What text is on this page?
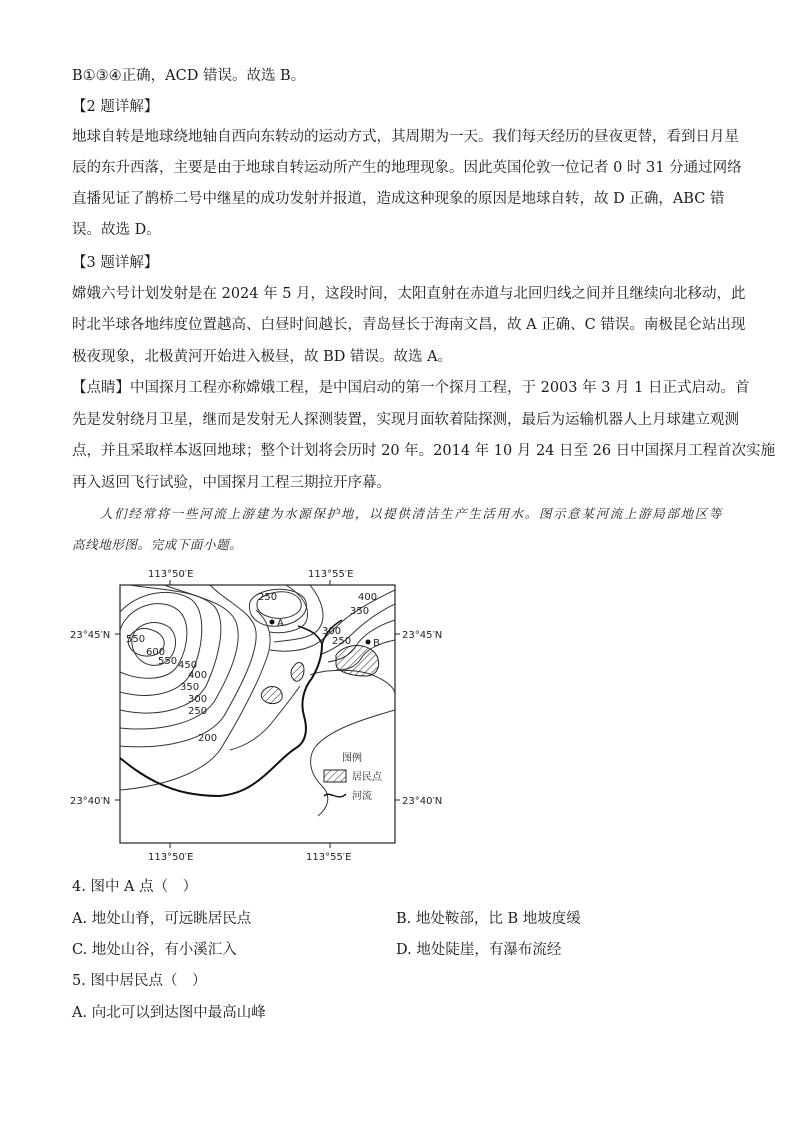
B①③④正确，ACD 错误。故选 B。
【2 题详解】
地球自转是地球绕地轴自西向东转动的运动方式，其周期为一天。我们每天经历的昼夜更替，看到日月星
辰的东升西落，主要是由于地球自转运动所产生的地理现象。因此英国伦敦一位记者 0 时 31 分通过网络
直播见证了鹊桥二号中继星的成功发射并报道，造成这种现象的原因是地球自转，故 D 正确，ABC 错
误。故选 D。
【3 题详解】
嫦娥六号计划发射是在 2024 年 5 月，这段时间，太阳直射在赤道与北回归线之间并且继续向北移动，此
时北半球各地纬度位置越高、白昼时间越长，青岛昼长于海南文昌，故 A 正确、C 错误。南极昆仑站出现
极夜现象，北极黄河开始进入极昼，故 BD 错误。故选 A。
【点睛】中国探月工程亦称嫦娥工程，是中国启动的第一个探月工程，于 2003 年 3 月 1 日正式启动。首
先是发射绕月卫星，继而是发射无人探测装置，实现月面软着陆探测，最后为运输机器人上月球建立观测
点，并且采取样本返回地球；整个计划将会历时 20 年。2014 年 10 月 24 日至 26 日中国探月工程首次实施
再入返回飞行试验，中国探月工程三期拉开序幕。
人们经常将一些河流上游建为水源保护地，以提供清洁生产生活用水。图示意某河流上游局部地区等
高线地形图。完成下面小题。
550
600
550 450
400
350
300
250
200
250	400
350
300
250
A
B
113°50′E	113°55′E
113°50′E	113°55′E
23°45′N	23°45′N
23°40′N	23°40′N
图例
居民点
河流
4. 图中 A 点（　）
A. 地处山脊，可远眺居民点	B. 地处鞍部，比 B 地坡度缓
C. 地处山谷，有小溪汇入	D. 地处陡崖，有瀑布流经
5. 图中居民点（　）
A. 向北可以到达图中最高山峰
